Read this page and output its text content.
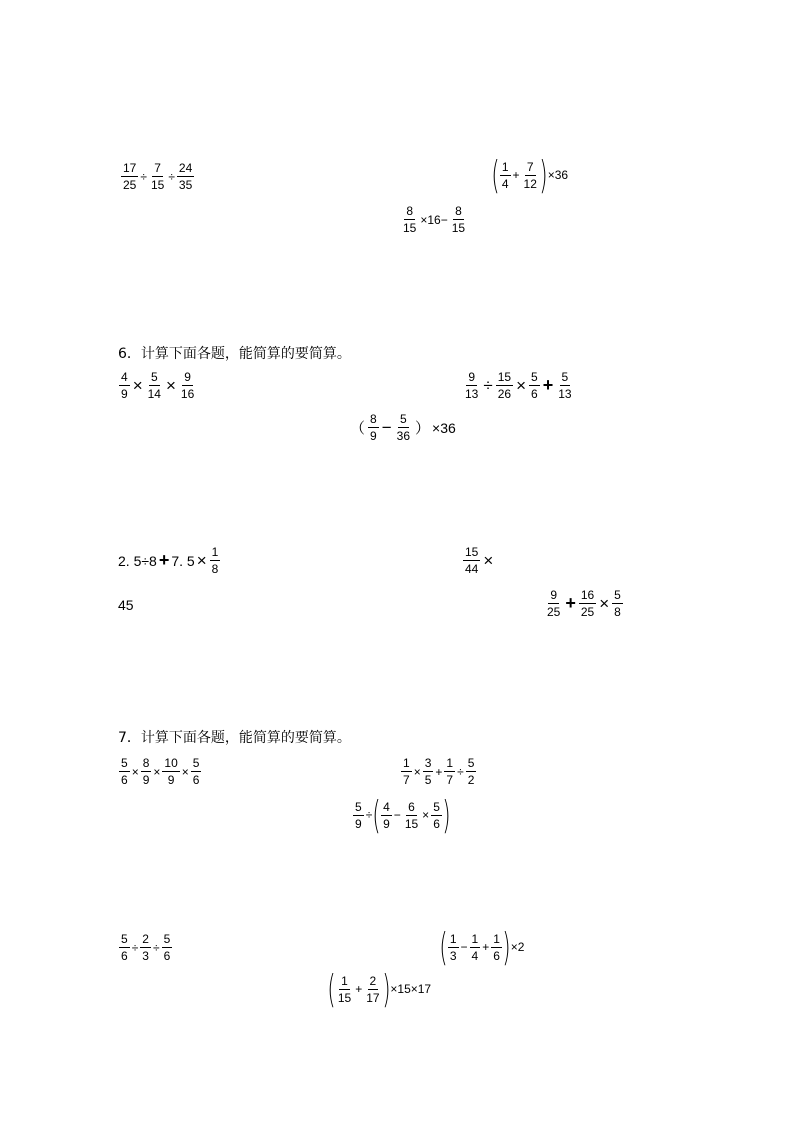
$\frac{17}{25} \div \frac{7}{15} \div \frac{24}{35}$	( $\frac{1}{4} + \frac{7}{12}$ ) ×36
$\frac{8}{15} \times 16- \frac{8}{15}$
6．计算下面各题，能简算的要简算。
$\frac{4}{9} \times \frac{5}{14} \times \frac{9}{16}$	$\frac{9}{13} \div \frac{15}{26} \times \frac{5}{6} + \frac{5}{13}$
（ $\frac{8}{9} - \frac{5}{36}$ ） ×36
2. 5÷8 + 7. $5 \times \frac{1}{8}$	$\frac{15}{44}$ ×
45	$\frac{9}{25} + \frac{16}{25} \times \frac{5}{8}$
7．计算下面各题，能简算的要简算。
$\frac{5}{6} \times \frac{8}{9} \times \frac{10}{9} \times \frac{5}{6}$	$\frac{1}{7} \times \frac{3}{5} + \frac{1}{7} \div \frac{5}{2}$
$\frac{5}{9}$ ÷ ( $\frac{4}{9} - \frac{6}{15} \times \frac{5}{6}$ )
$\frac{5}{6} \div \frac{2}{3} \div \frac{5}{6}$	( $\frac{1}{3} - \frac{1}{4} + \frac{1}{6}$ ) ×2
( $\frac{1}{15} + \frac{2}{17}$ ) ×15×17
